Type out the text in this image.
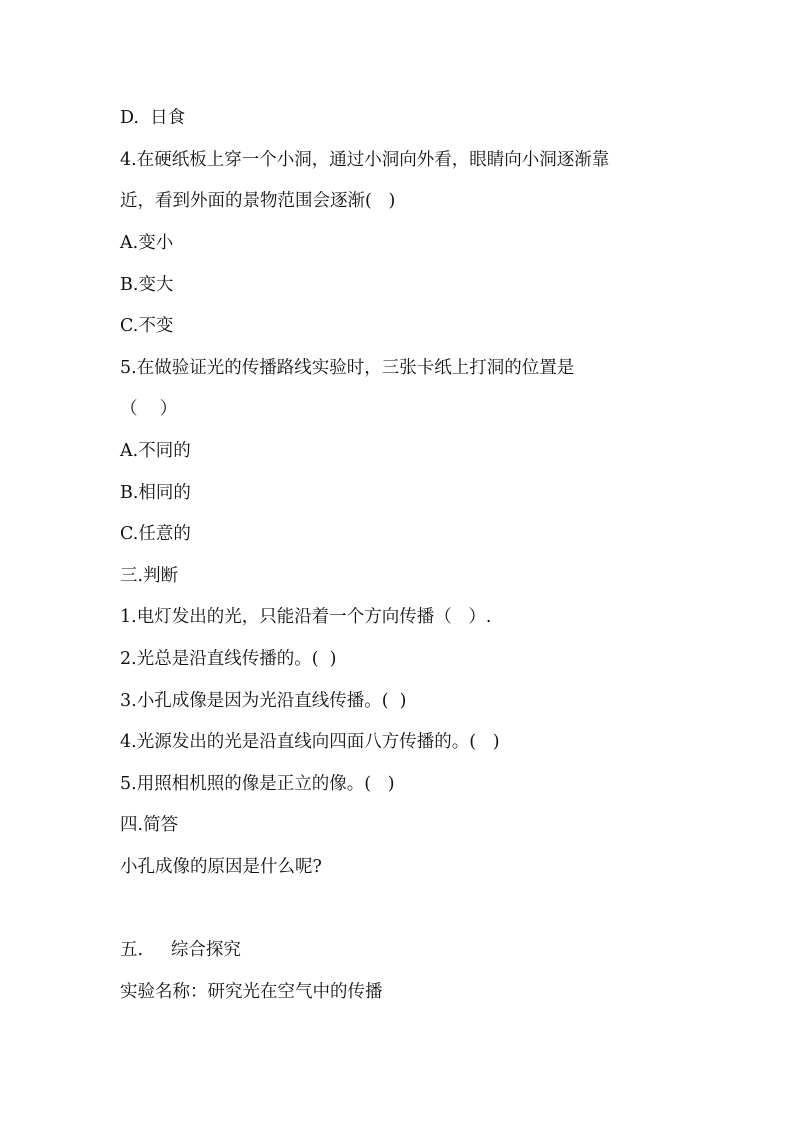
D.  日食
4.在硬纸板上穿一个小洞，通过小洞向外看，眼睛向小洞逐渐靠
近，看到外面的景物范围会逐渐(   )
A.变小
B.变大
C.不变
5.在做验证光的传播路线实验时，三张卡纸上打洞的位置是
（    ）
A.不同的
B.相同的
C.任意的
三.判断
1.电灯发出的光，只能沿着一个方向传播（   ）.
2.光总是沿直线传播的。(  )
3.小孔成像是因为光沿直线传播。(  )
4.光源发出的光是沿直线向四面八方传播的。(   )
5.用照相机照的像是正立的像。(   )
四.简答
小孔成像的原因是什么呢?
五.     综合探究
实验名称：研究光在空气中的传播
